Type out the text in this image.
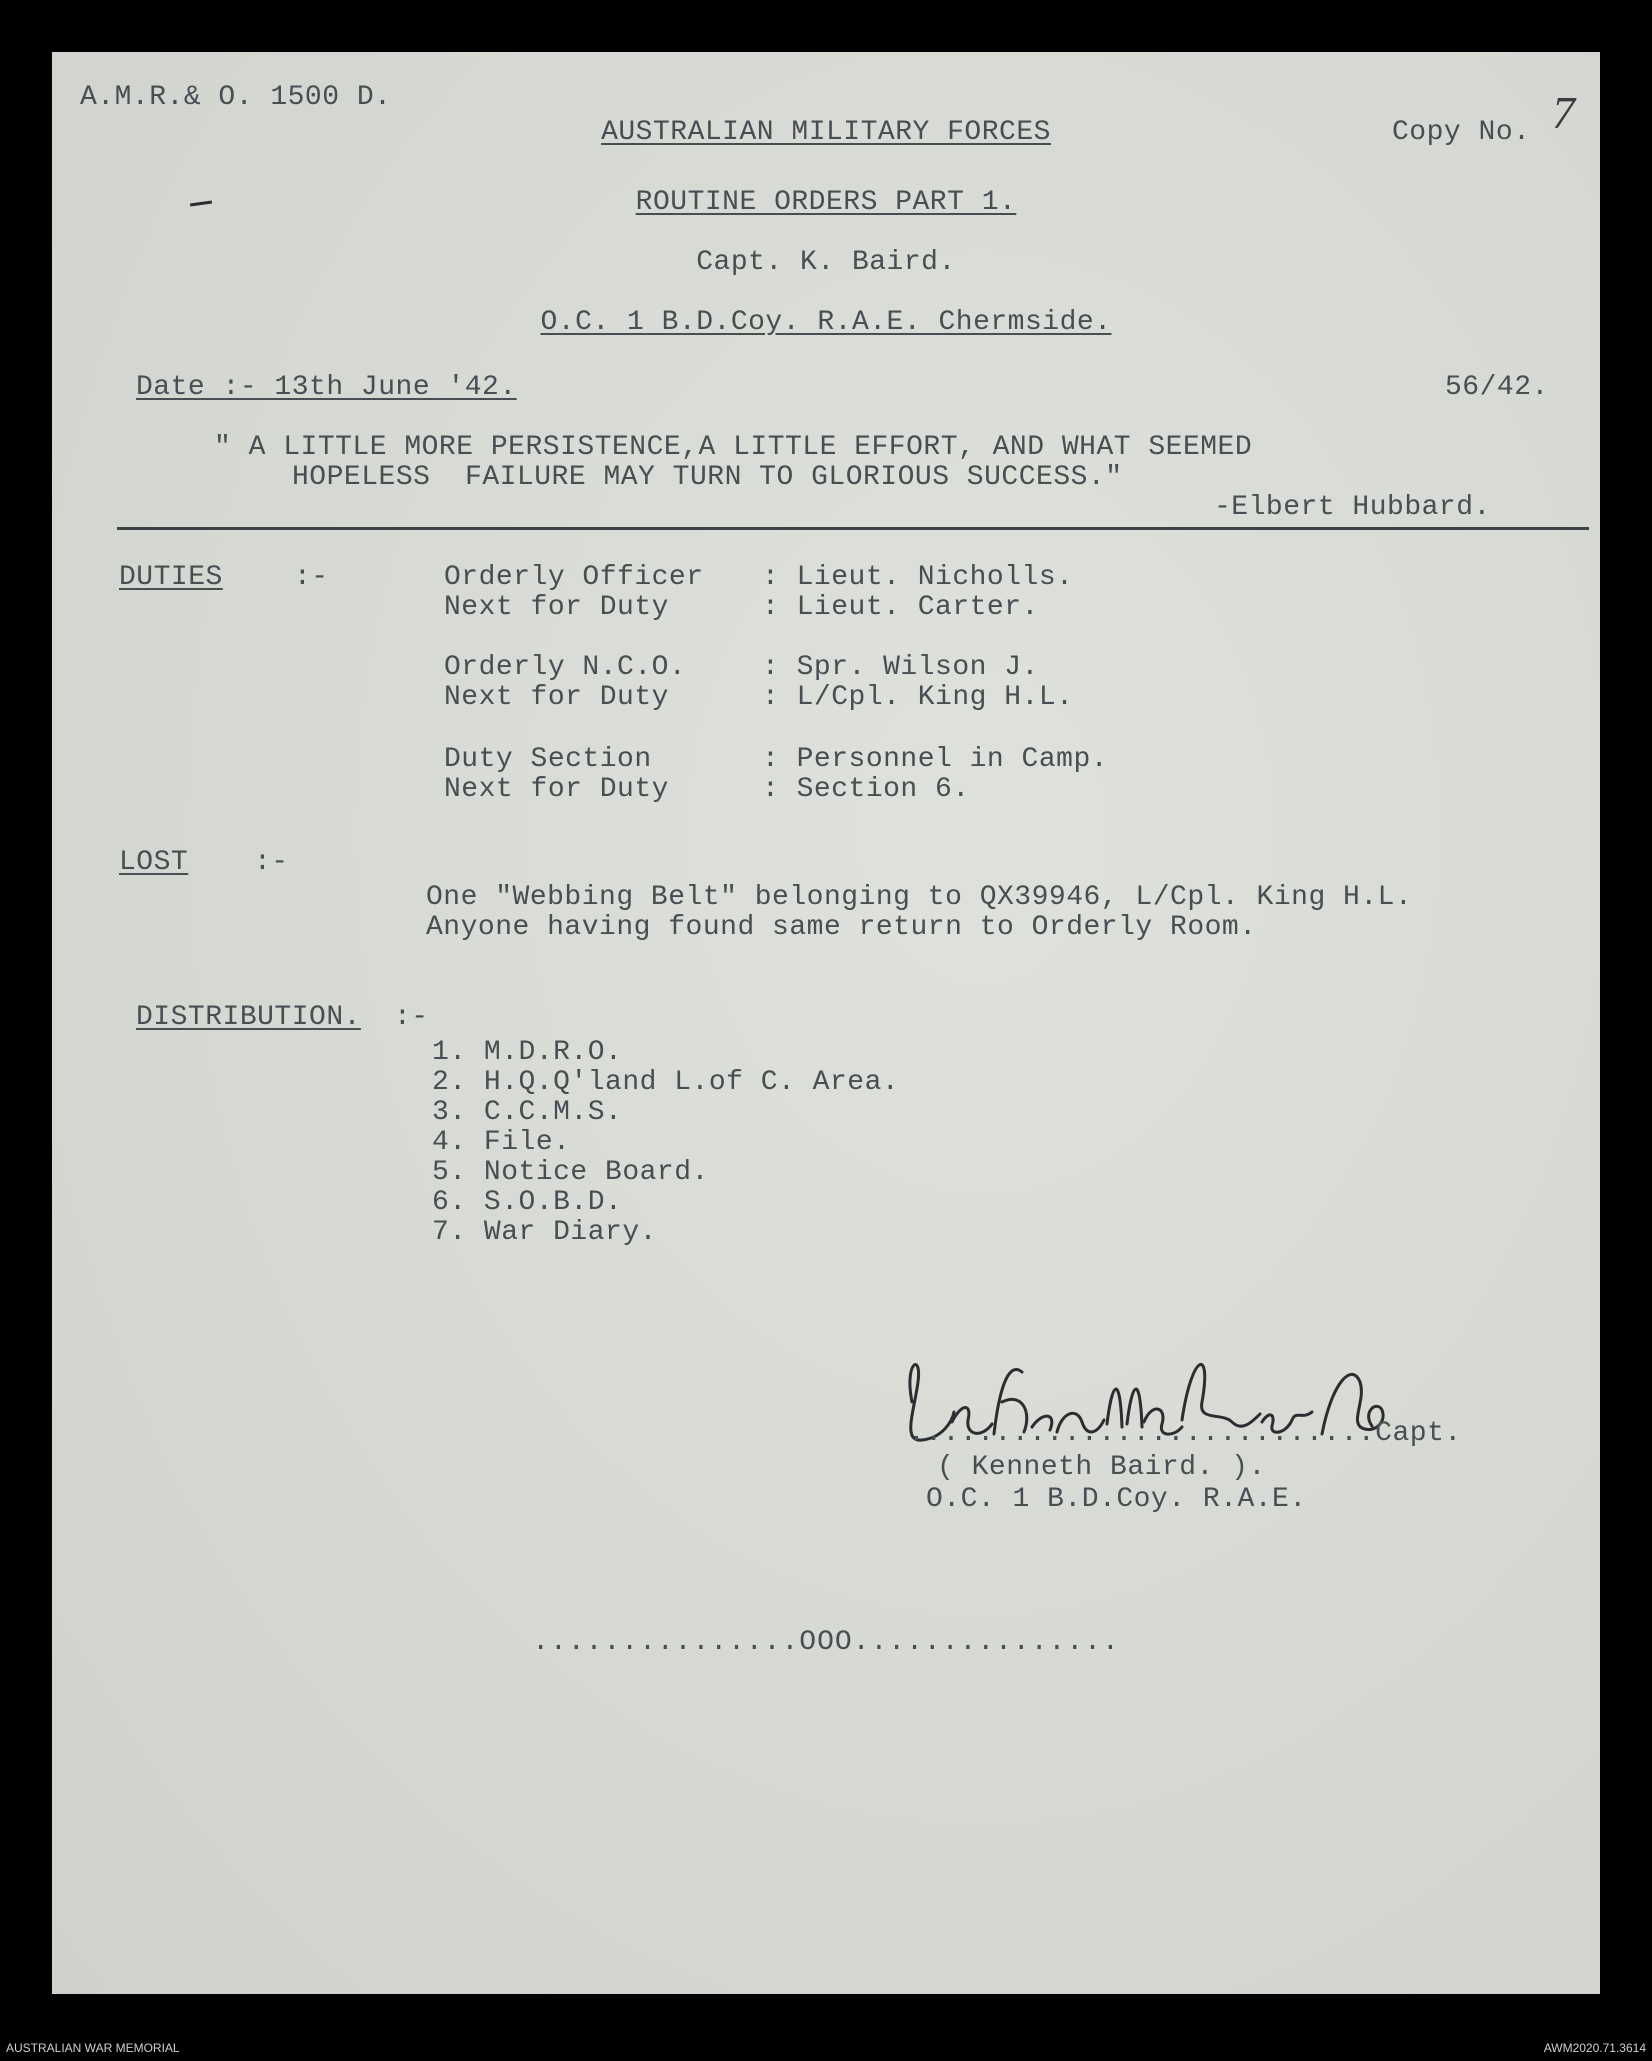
A.M.R.& O. 1500 D.
AUSTRALIAN MILITARY FORCES	Copy No. 7
ROUTINE ORDERS PART 1.
Capt. K. Baird.
O.C. 1 B.D.Coy. R.A.E. Chermside.
Date :- 13th June '42.	56/42.
" A LITTLE MORE PERSISTENCE,A LITTLE EFFORT, AND WHAT SEEMED
HOPELESS  FAILURE MAY TURN TO GLORIOUS SUCCESS."
-Elbert Hubbard.
DUTIES	:-	Orderly Officer : Lieut. Nicholls.
Next for Duty	: Lieut. Carter.
Orderly N.C.O.	: Spr. Wilson J.
Next for Duty	: L/Cpl. King H.L.
Duty Section	: Personnel in Camp.
Next for Duty	: Section 6.
LOST :-
One "Webbing Belt" belonging to QX39946, L/Cpl. King H.L.
Anyone having found same return to Orderly Room.
DISTRIBUTION. :-
1. M.D.R.O.
2. H.Q.Q'land L.of C. Area.
3. C.C.M.S.
4. File.
5. Notice Board.
6. S.O.B.D.
7. War Diary.
...........................Capt.
( Kenneth Baird. ).
O.C. 1 B.D.Coy. R.A.E.
...............OOO...............
AUSTRALIAN WAR MEMORIAL	AWM2020.71.3614
